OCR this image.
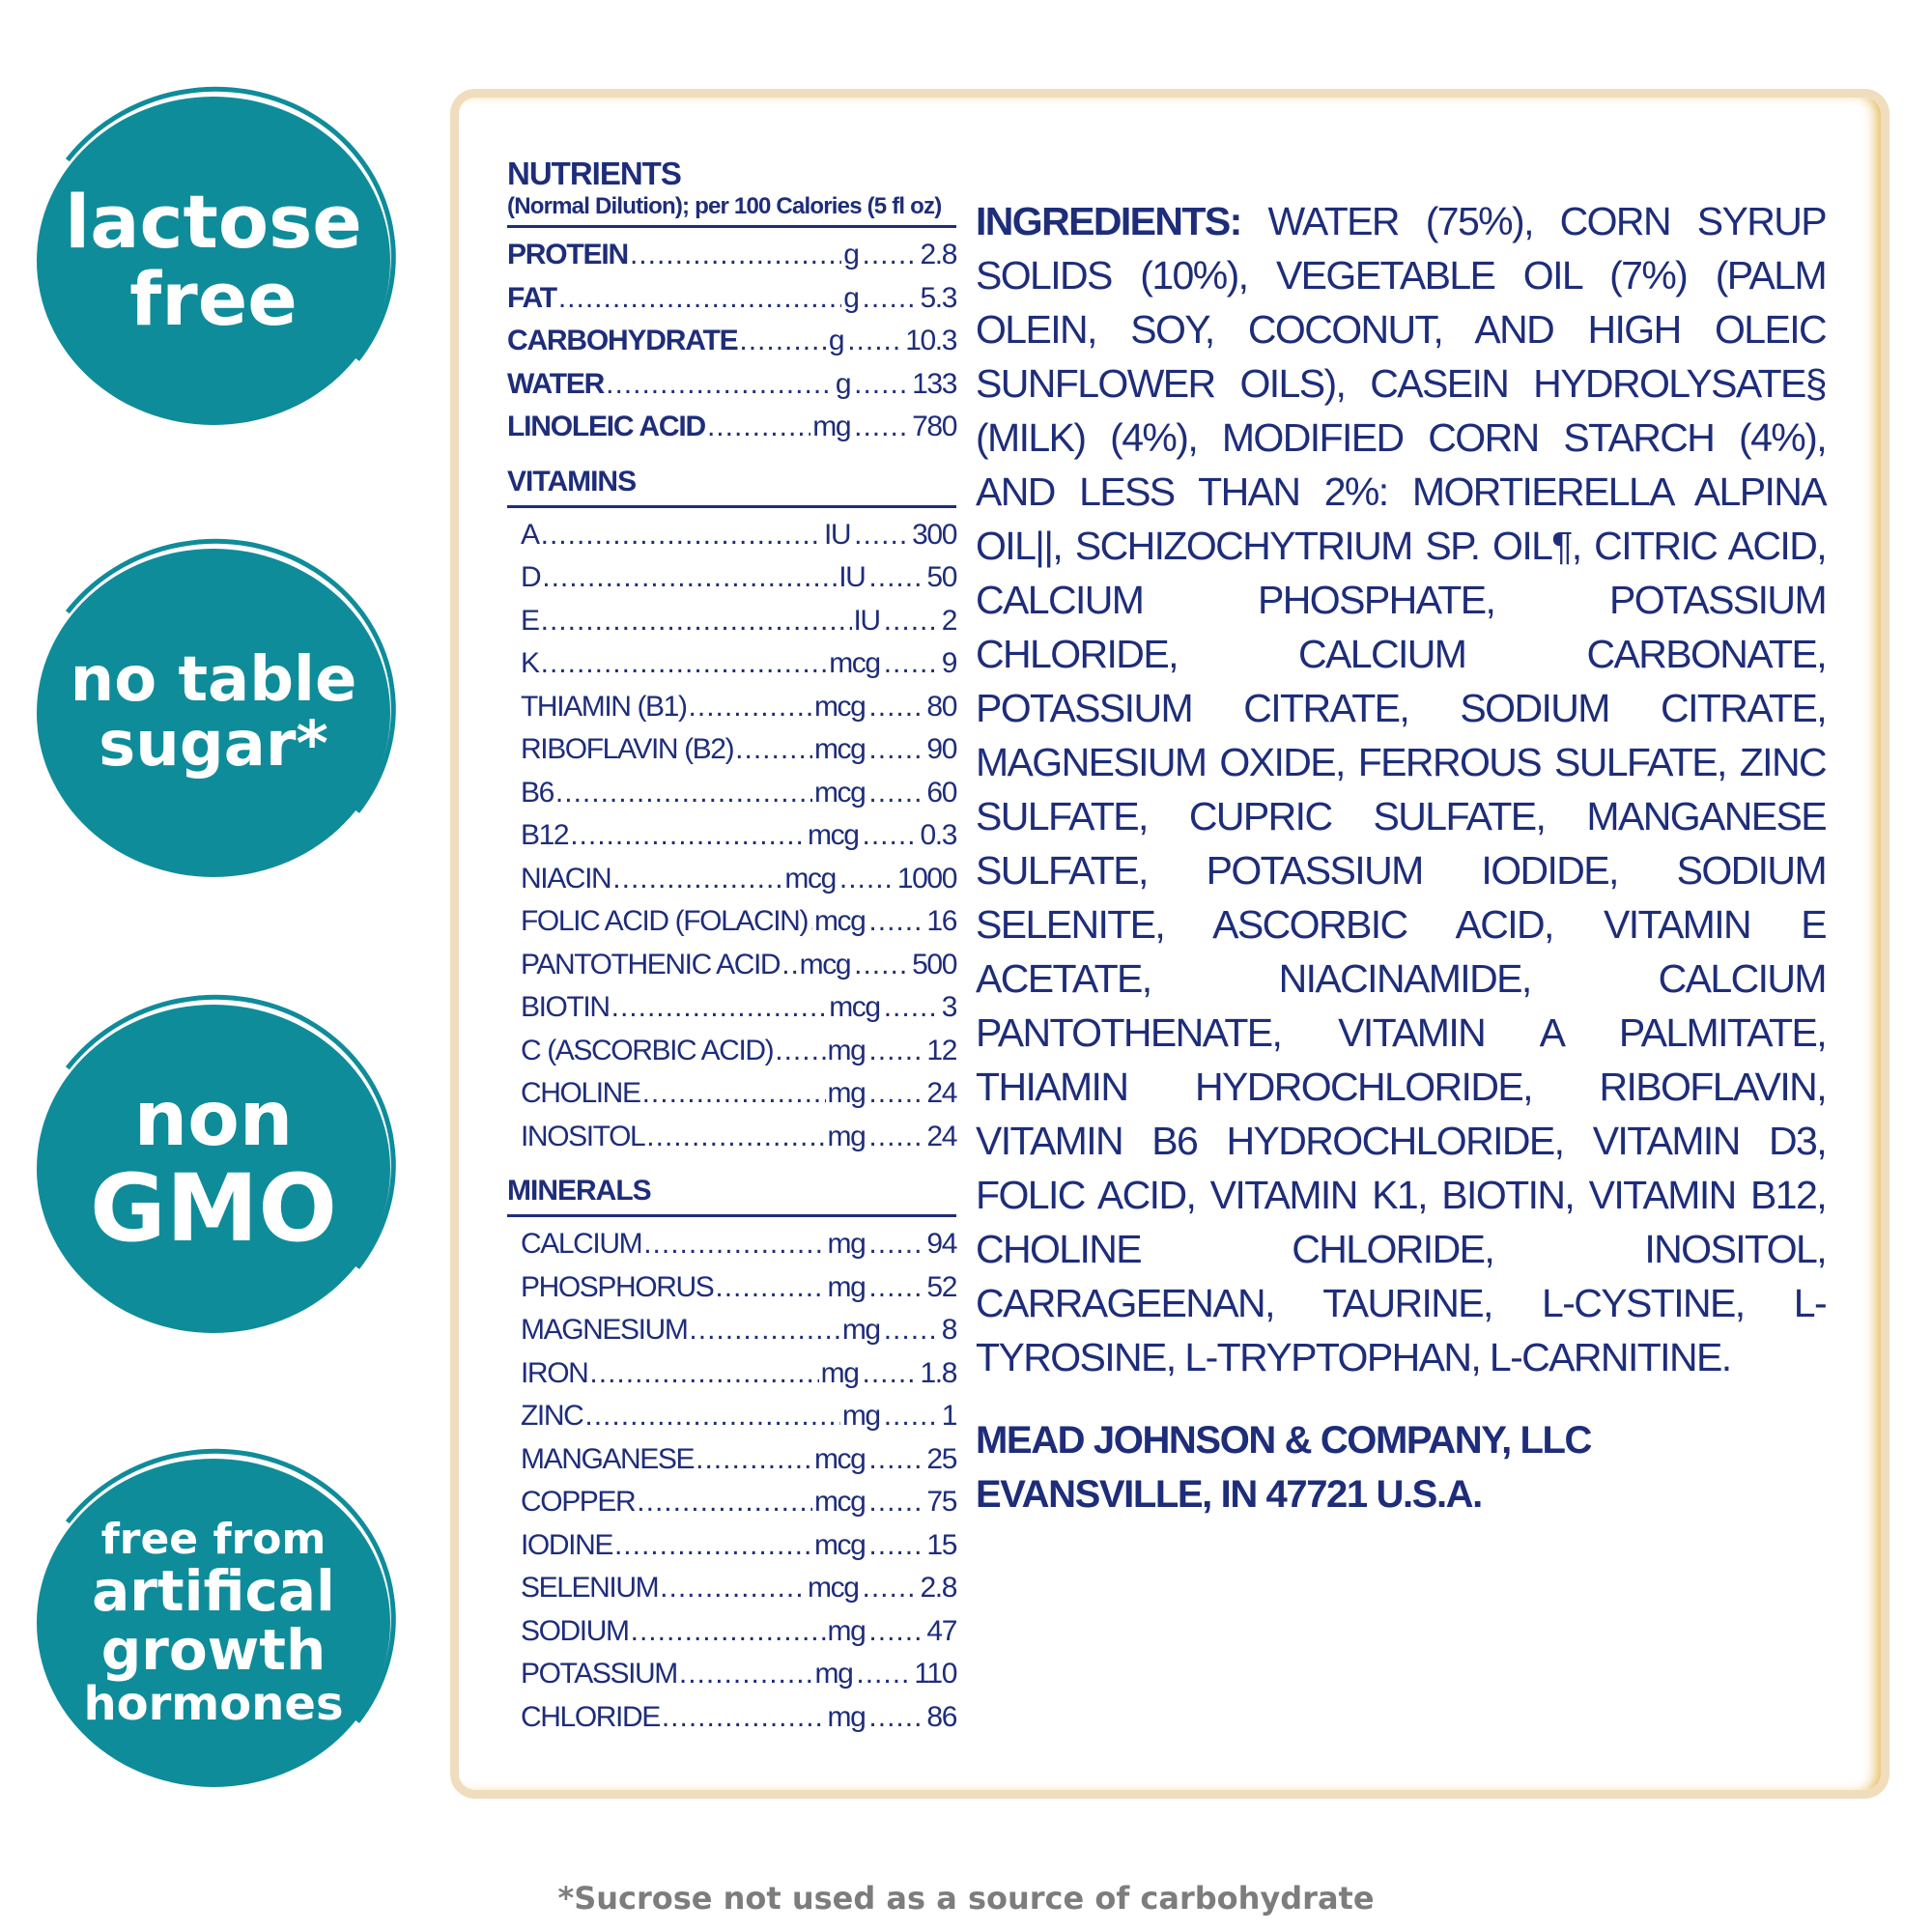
lactose
free
no table
sugar*
non
GMO
free from
artifical
growth
hormones
NUTRIENTS
(Normal Dilution); per 100 Calories (5 fl oz)
PROTEIN .....	g ..... 2.8
FAT .....	g ..... 5.3
CARBOHYDRATE .....	g ..... 10.3
WATER .....	g ..... 133
LINOLEIC ACID .....	mg ..... 780
VITAMINS
A .....	IU ..... 300
D .....	IU ..... 50
E .....	IU ..... 2
K .....	mcg ..... 9
THIAMIN (B1) .....	mcg ..... 80
RIBOFLAVIN (B2) .....	mcg ..... 90
B6 .....	mcg ..... 60
B12 .....	mcg ..... 0.3
NIACIN .....	mcg ..... 1000
FOLIC ACID (FOLACIN) ..... mcg ..... 16
PANTOTHENIC ACID ..... mcg ..... 500
BIOTIN .....	mcg ..... 3
C (ASCORBIC ACID) ..... mg ..... 12
CHOLINE .....	mg ..... 24
INOSITOL .....	mg ..... 24
MINERALS
CALCIUM .....	mg ..... 94
PHOSPHORUS .....	mg ..... 52
MAGNESIUM .....	mg ..... 8
IRON .....	mg ..... 1.8
ZINC .....	mg ..... 1
MANGANESE .....	mcg ..... 25
COPPER .....	mcg ..... 75
IODINE .....	mcg ..... 15
SELENIUM .....	mcg ..... 2.8
SODIUM .....	mg ..... 47
POTASSIUM .....	mg ..... 110
CHLORIDE .....	mg ..... 86
INGREDIENTS: WATER (75%), CORN SYRUP SOLIDS (10%), VEGETABLE OIL (7%) (PALM OLEIN, SOY, COCONUT, AND HIGH OLEIC SUNFLOWER OILS), CASEIN HYDROLYSATE§ (MILK) (4%), MODIFIED CORN STARCH (4%), AND LESS THAN 2%: MORTIERELLA ALPINA OIL||, SCHIZOCHYTRIUM SP. OIL¶, CITRIC ACID, CALCIUM PHOSPHATE, POTASSIUM CHLORIDE, CALCIUM CARBONATE, POTASSIUM CITRATE, SODIUM CITRATE, MAGNESIUM OXIDE, FERROUS SULFATE, ZINC SULFATE, CUPRIC SULFATE, MANGANESE SULFATE, POTASSIUM IODIDE, SODIUM SELENITE, ASCORBIC ACID, VITAMIN E ACETATE, NIACINAMIDE, CALCIUM PANTOTHENATE, VITAMIN A PALMITATE, THIAMIN HYDROCHLORIDE, RIBOFLAVIN, VITAMIN B6 HYDROCHLORIDE, VITAMIN D3, FOLIC ACID, VITAMIN K1, BIOTIN, VITAMIN B12, CHOLINE CHLORIDE, INOSITOL, CARRAGEENAN, TAURINE, L-CYSTINE, L-TYROSINE, L-TRYPTOPHAN, L-CARNITINE.
MEAD JOHNSON & COMPANY, LLC
EVANSVILLE, IN 47721 U.S.A.
*Sucrose not used as a source of carbohydrate
